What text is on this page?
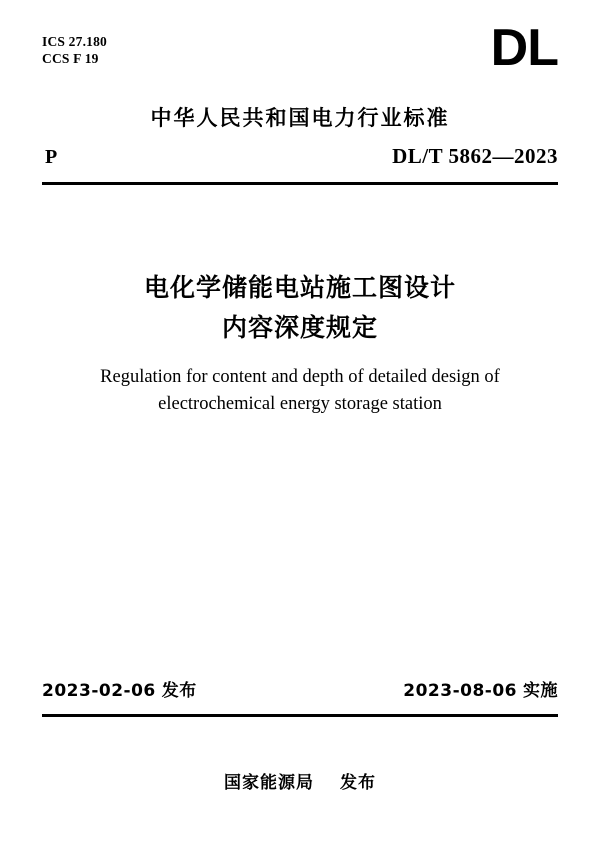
ICS 27.180
CCS F 19	DL
中华人民共和国电力行业标准
P	DL/T 5862—2023
电化学储能电站施工图设计
内容深度规定
Regulation for content and depth of detailed design of
electrochemical energy storage station
2023-02-06 发布	2023-08-06 实施
国家能源局 发布
